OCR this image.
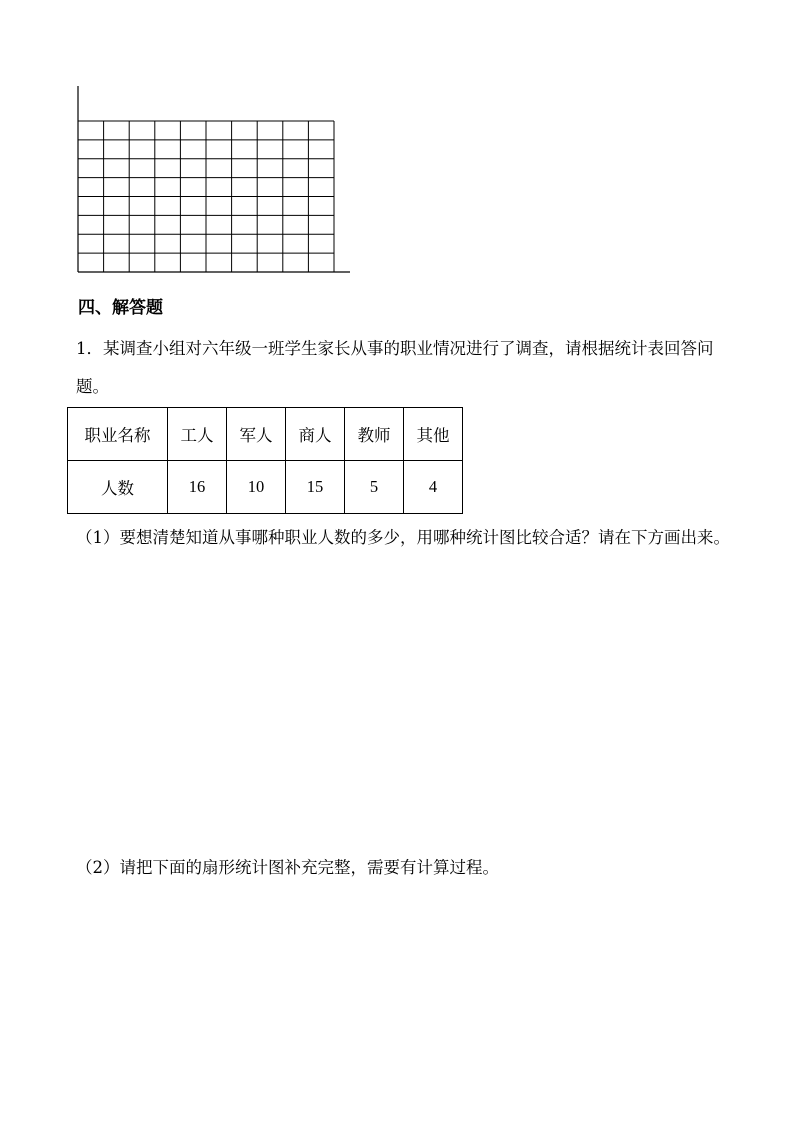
四、解答题
1．某调查小组对六年级一班学生家长从事的职业情况进行了调查，请根据统计表回答问题。
职业名称	工人	军人	商人	教师	其他
人数	16	10	15	5	4
（1）要想清楚知道从事哪种职业人数的多少，用哪种统计图比较合适？请在下方画出来。
（2）请把下面的扇形统计图补充完整，需要有计算过程。
